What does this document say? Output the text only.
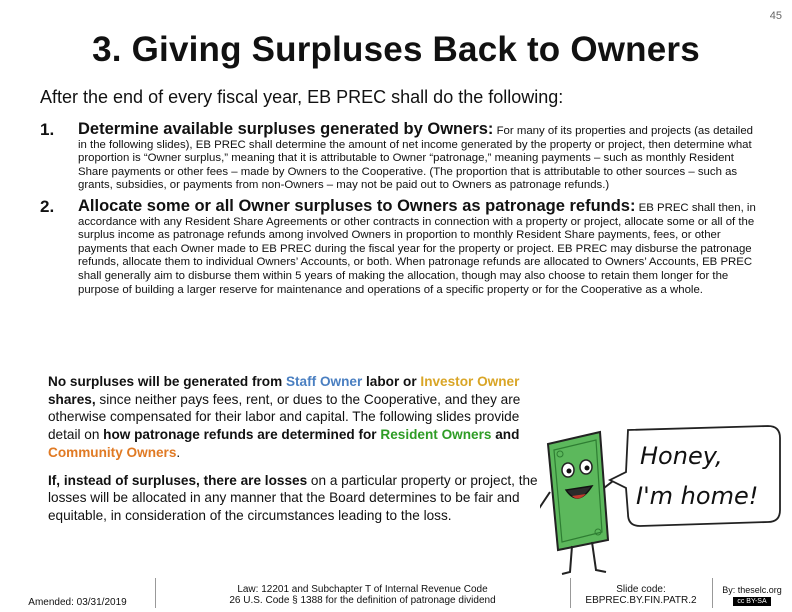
45
3. Giving Surpluses Back to Owners
After the end of every fiscal year, EB PREC shall do the following:
1.	Determine available surpluses generated by Owners: For many of its properties and projects (as detailed in the following slides), EB PREC shall determine the amount of net income generated by the property or project, then determine what proportion is “Owner surplus,” meaning that it is attributable to Owner “patronage,” meaning payments – such as monthly Resident Share payments or other fees – made by Owners to the Cooperative. (The proportion that is attributable to other sources – such as grants, subsidies, or payments from non-Owners – may not be paid out to Owners as patronage refunds.)
2.	Allocate some or all Owner surpluses to Owners as patronage refunds: EB PREC shall then, in accordance with any Resident Share Agreements or other contracts in connection with a property or project, allocate some or all of the surplus income as patronage refunds among involved Owners in proportion to monthly Resident Share payments, fees, or other payments that each Owner made to EB PREC during the fiscal year for the property or project. EB PREC may disburse the patronage refunds, allocate them to individual Owners’ Accounts, or both. When patronage refunds are allocated to Owners’ Accounts, EB PREC shall generally aim to disburse them within 5 years of making the allocation, though may also choose to retain them longer for the purpose of building a larger reserve for maintenance and operations of a specific property or for the Cooperative as a whole.

No surpluses will be generated from Staff Owner labor or Investor Owner shares, since neither pays fees, rent, or dues to the Cooperative, and they are otherwise compensated for their labor and capital. The following slides provide detail on how patronage refunds are determined for Resident Owners and Community Owners.

If, instead of surpluses, there are losses on a particular property or project, the losses will be allocated in any manner that the Board determines to be fair and equitable, in consideration of the circumstances leading to the loss.

Honey,
I'm home!
Amended: 03/31/2019
Law: 12201 and Subchapter T of Internal Revenue Code
26 U.S. Code § 1388 for the definition of patronage dividend
Slide code:
EBPREC.BY.FIN.PATR.2
By: theselc.org
cc BY-SA
